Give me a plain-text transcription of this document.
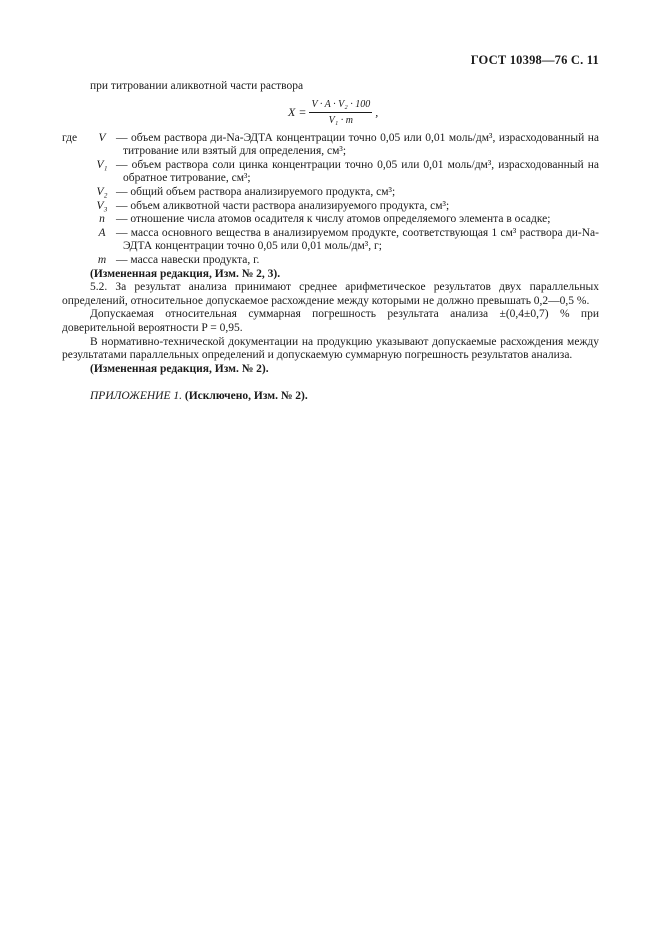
ГОСТ 10398—76 С. 11

при титровании аликвотной части раствора

$X = \frac{\text{V · A · V₂ · 100}}{\text{V₁ · m}}$ ,
где	V — объем раствора ди-Na-ЭДТА концентрации точно 0,05 или 0,01 моль/дм³, израсходованный на титрование или взятый для определения, см³;
V₁ — объем раствора соли цинка концентрации точно 0,05 или 0,01 моль/дм³, израсходованный на обратное титрование, см³;
V₂ — общий объем раствора анализируемого продукта, см³;
V₃ — объем аликвотной части раствора анализируемого продукта, см³;
n — отношение числа атомов осадителя к числу атомов определяемого элемента в осадке;
A — масса основного вещества в анализируемом продукте, соответствующая 1 см³ раствора ди-Na-ЭДТА концентрации точно 0,05 или 0,01 моль/дм³, г;
m — масса навески продукта, г.

(Измененная редакция, Изм. № 2, 3).

5.2. За результат анализа принимают среднее арифметическое результатов двух параллельных определений, относительное допускаемое расхождение между которыми не должно превышать 0,2—0,5 %.

Допускаемая относительная суммарная погрешность результата анализа ±(0,4±0,7) % при доверительной вероятности P = 0,95.

В нормативно-технической документации на продукцию указывают допускаемые расхождения между результатами параллельных определений и допускаемую суммарную погрешность результатов анализа.

(Измененная редакция, Изм. № 2).

ПРИЛОЖЕНИЕ 1. (Исключено, Изм. № 2).
